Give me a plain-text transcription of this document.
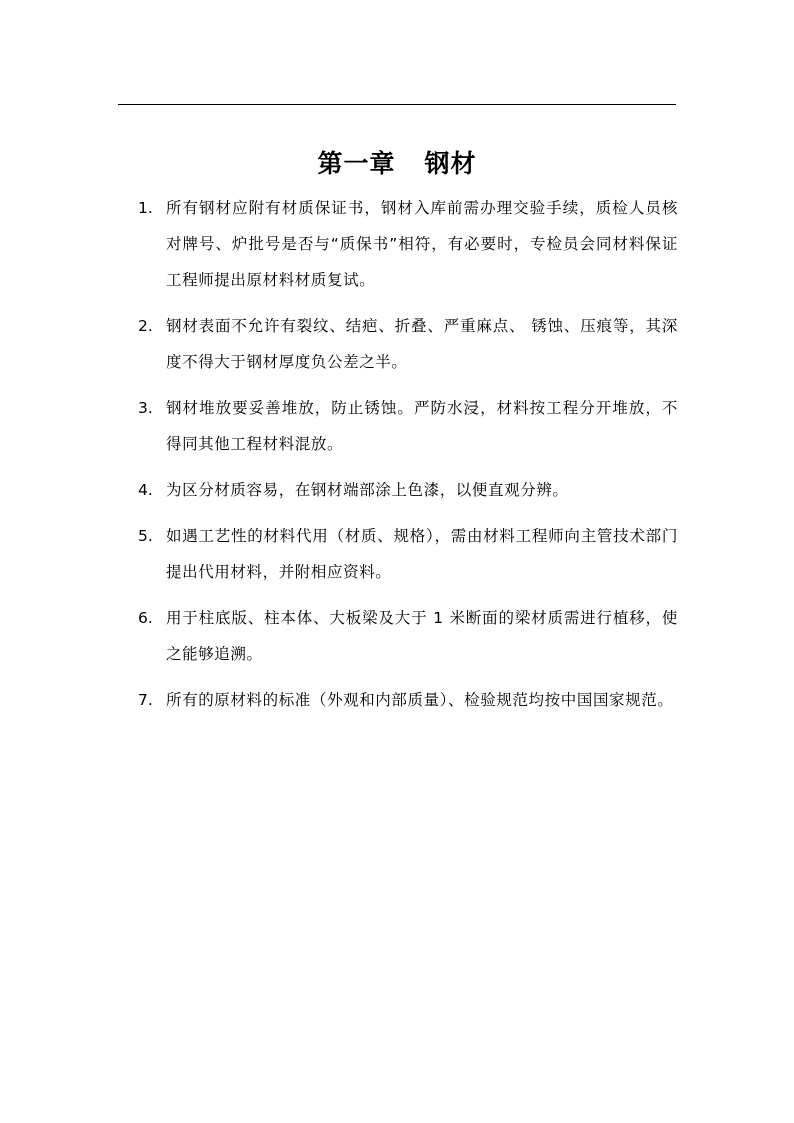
第一章   钢材
1. 所有钢材应附有材质保证书，钢材入库前需办理交验手续，质检人员核对牌号、炉批号是否与“质保书”相符，有必要时，专检员会同材料保证工程师提出原材料材质复试。
2. 钢材表面不允许有裂纹、结疤、折叠、严重麻点、 锈蚀、压痕等，其深度不得大于钢材厚度负公差之半。
3. 钢材堆放要妥善堆放，防止锈蚀。严防水浸，材料按工程分开堆放，不得同其他工程材料混放。
4. 为区分材质容易，在钢材端部涂上色漆，以便直观分辨。
5. 如遇工艺性的材料代用（材质、规格），需由材料工程师向主管技术部门提出代用材料，并附相应资料。
6. 用于柱底版、柱本体、大板梁及大于 1 米断面的梁材质需进行植移，使之能够追溯。
7. 所有的原材料的标准（外观和内部质量）、检验规范均按中国国家规范。
